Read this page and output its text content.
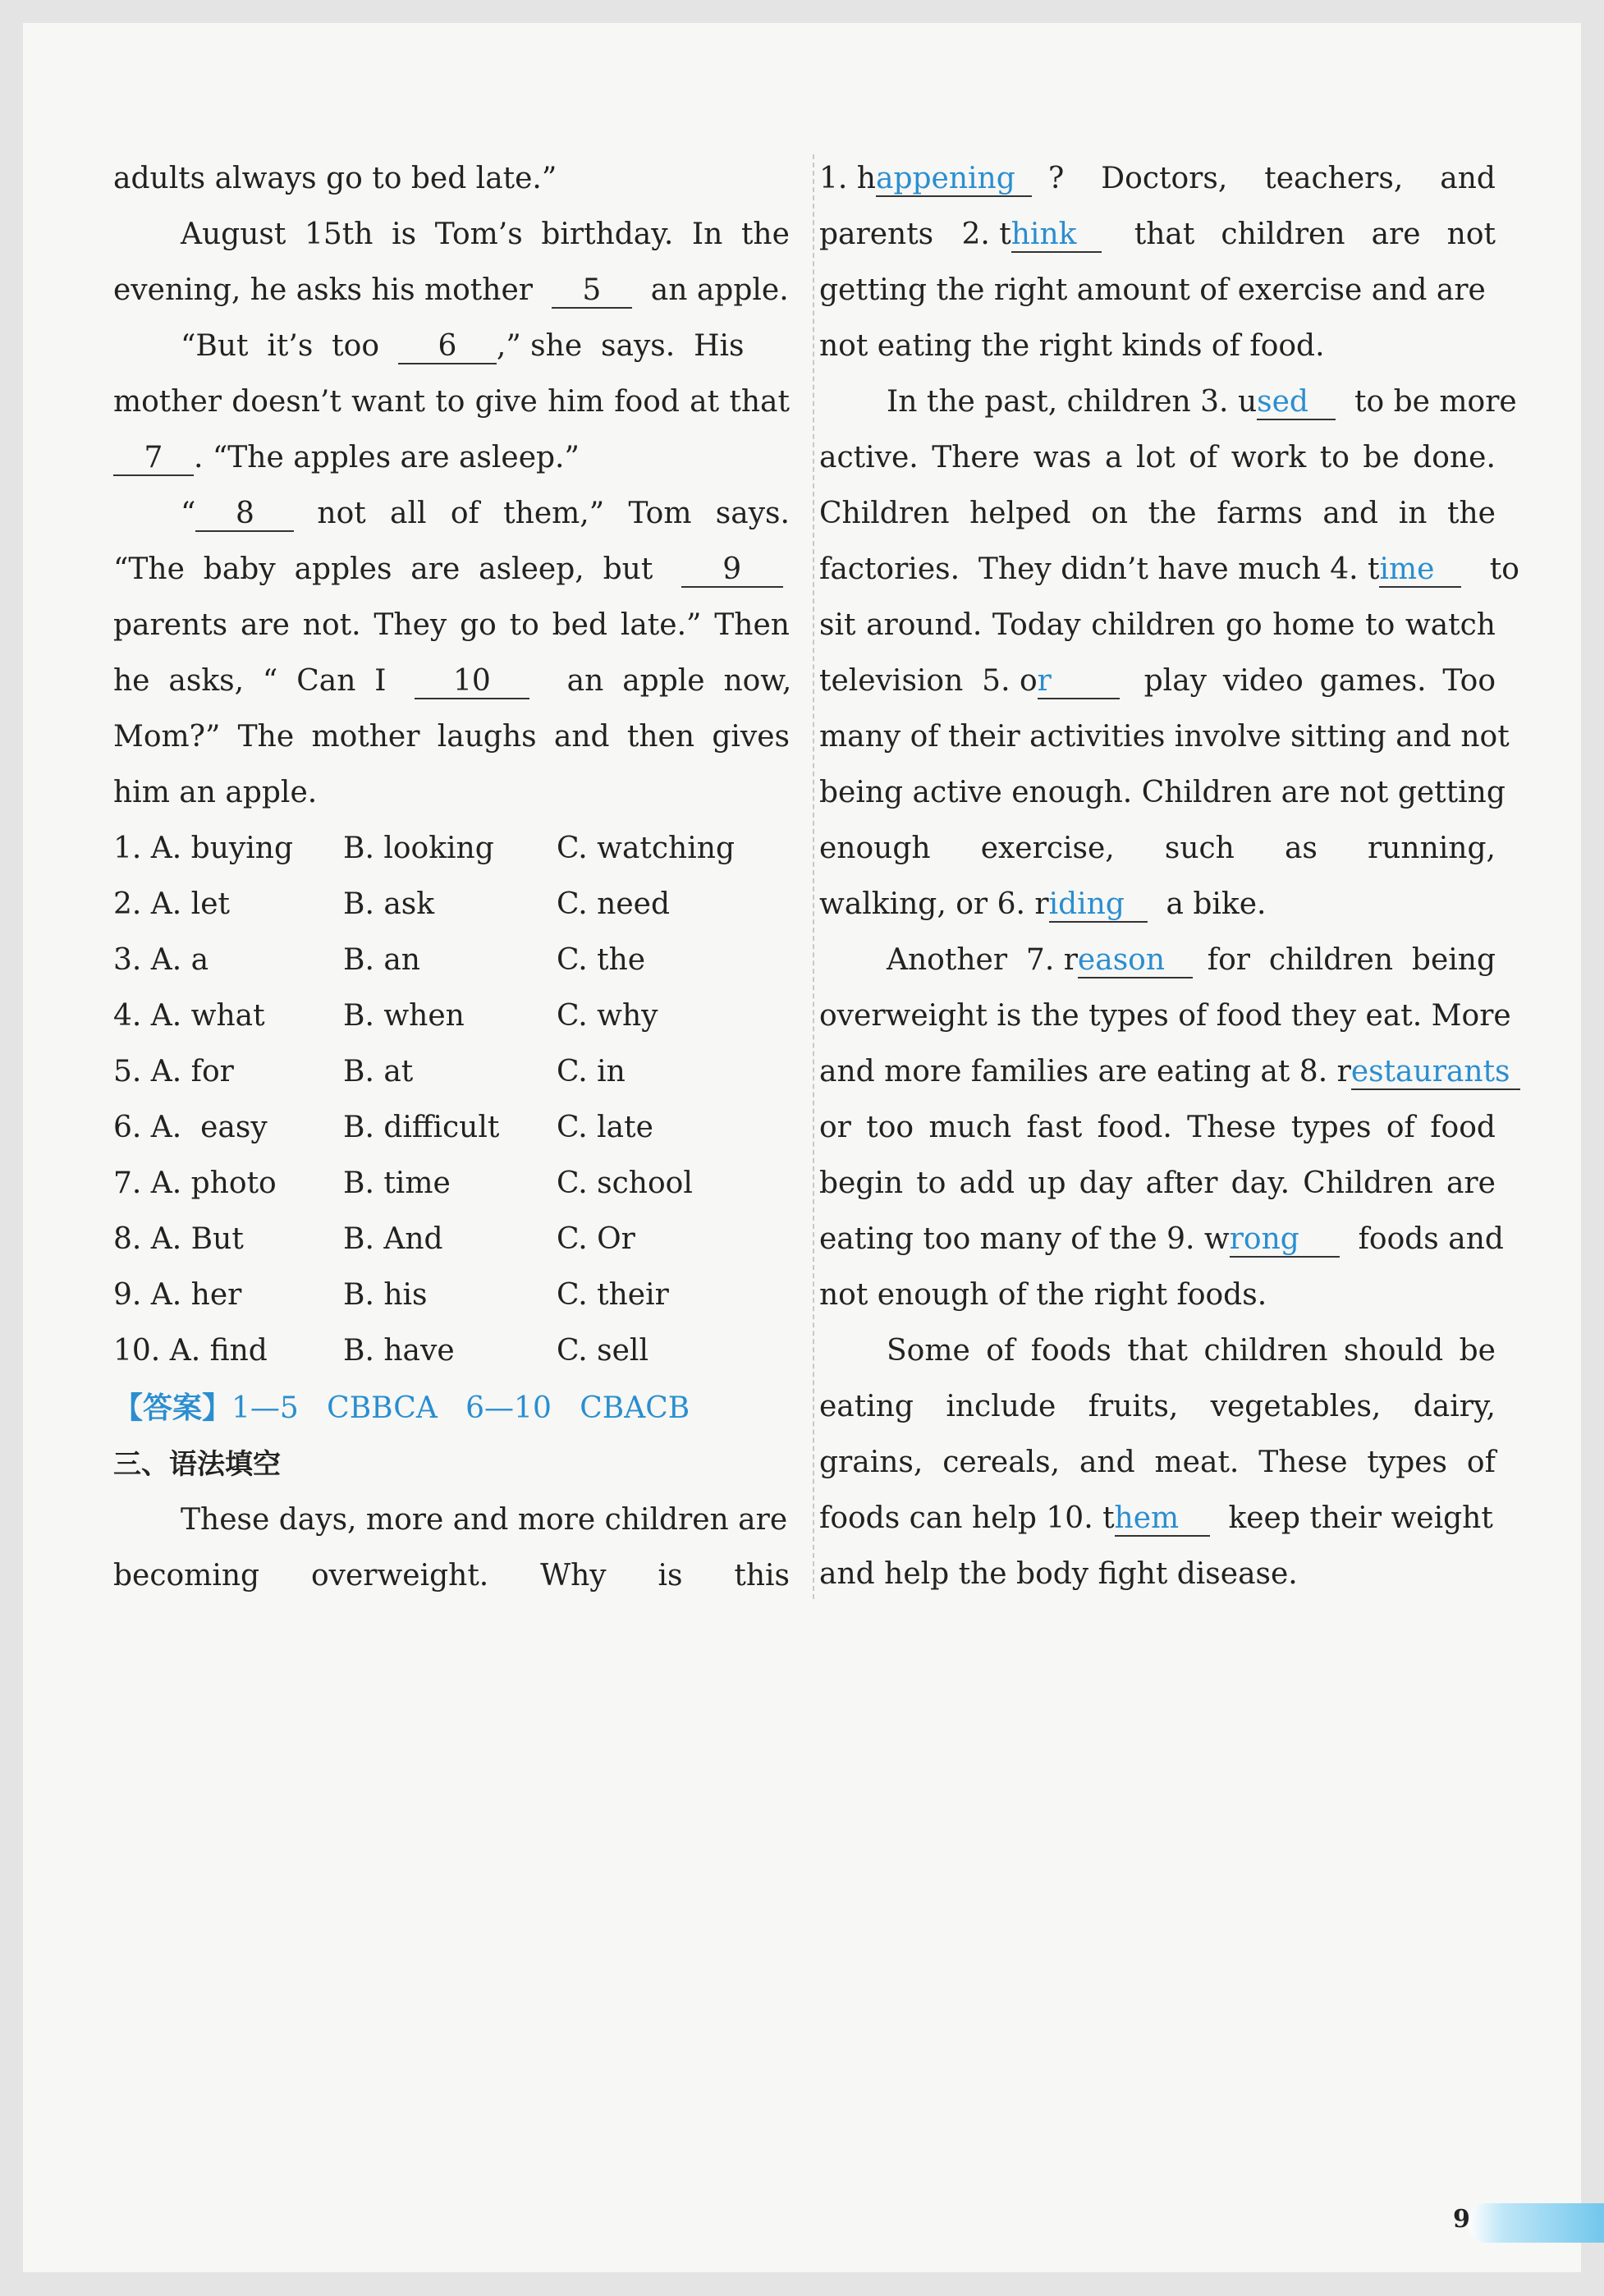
adults always go to bed late.”
August 15th is Tom’s birthday. In the
evening, he asks his mother 5 an apple.
“But  it’s  too 6 ,” she  says.  His
mother doesn’t want to give him food at that
7 . “The apples are asleep.”
“	8	not all of them,” Tom says.
“The  baby  apples  are  asleep,  but 9
parents are not. They go to bed late.” Then
he  asks,  “  Can  I 10	an  apple  now,
Mom?” The mother laughs and then gives
him an apple.
1. A. buying B. looking C. watching
2. A. let	B. ask	C. need
3. A. a	B. an	C. the
4. A. what	B. when	C. why
5. A. for	B. at	C. in
6. A.  easy	B. difficult C. late
7. A. photo B. time	C. school
8. A. But	B. And	C. Or
9. A. her	B. his	C. their
10. A. find	B. have	C. sell
【答案】1—5   CBBCA   6—10   CBACB
三、语法填空
These days, more and more children are
becoming overweight. Why is this
1. h appening	? Doctors, teachers, and
parents   2. t hink	that children are not
getting the right amount of exercise and are
not eating the right kinds of food.
In the past, children 3. used to be more
active. There was a lot of work to be done.
Children helped on the farms and in the
factories.  They didn’t have much 4. time to
sit around. Today children go home to watch
television  5. o r	play video games. Too
many of their activities involve sitting and not
being active enough. Children are not getting
enough exercise, such as running,
walking, or 6. riding a bike.
Another  7. r eason	for  children  being
overweight is the types of food they eat. More
and more families are eating at 8. restaurants
or too much fast food. These types of food
begin to add up day after day. Children are
eating too many of the 9. wrong foods and
not enough of the right foods.
Some of foods that children should be
eating include fruits, vegetables, dairy,
grains, cereals, and meat. These types of
foods can help 10. them keep their weight
and help the body fight disease.
9
